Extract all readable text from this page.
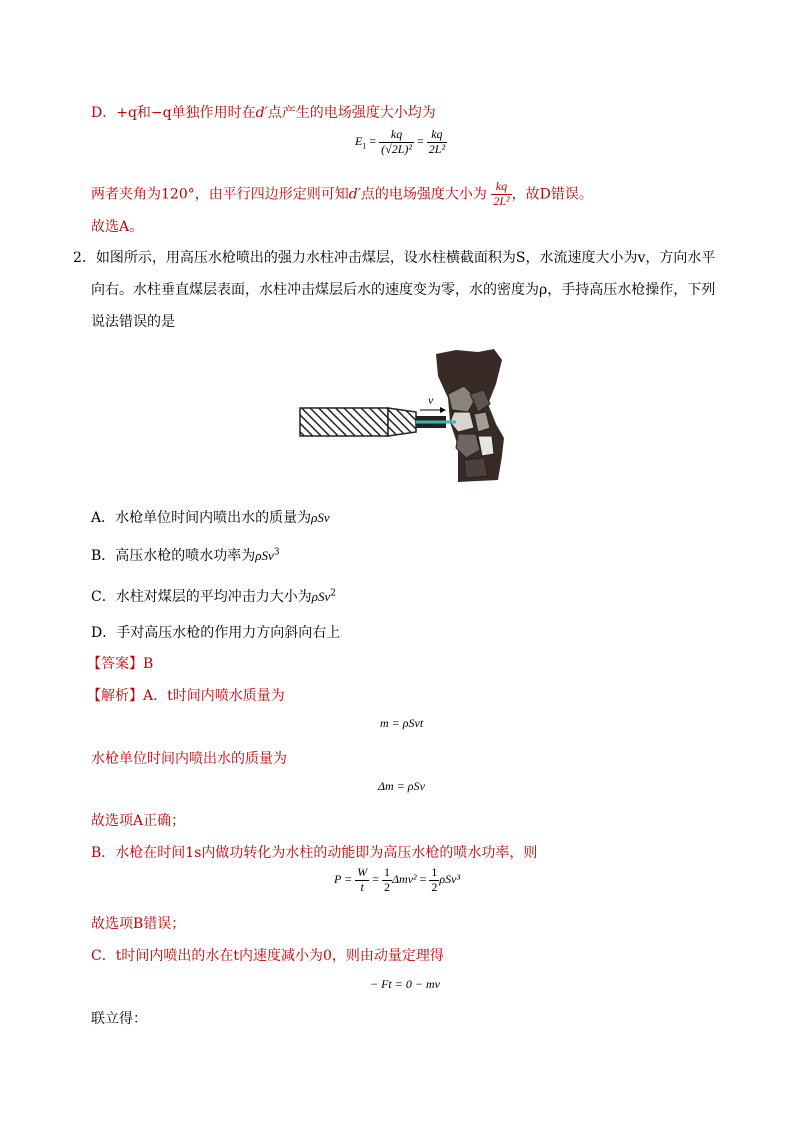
D．+q和−q单独作用时在d′点产生的电场强度大小均为
$E_1 = \frac{kq}{\text{(√2L)²}} = \frac{kq}{\text{2L²}}$
两者夹角为120°，由平行四边形定则可知d′点的电场强度大小为 $\frac{kq}{\text{2L²}}$ ，故D错误。
故选A。
2．如图所示，用高压水枪喷出的强力水柱冲击煤层，设水柱横截面积为S，水流速度大小为v，方向水平
向右。水柱垂直煤层表面，水柱冲击煤层后水的速度变为零，水的密度为ρ，手持高压水枪操作，下列
说法错误的是
v
A．水枪单位时间内喷出水的质量为ρSv
B．高压水枪的喷水功率为ρSv$^3$
C．水柱对煤层的平均冲击力大小为ρSv$^2$
D．手对高压水枪的作用力方向斜向右上
【答案】B
【解析】A．t时间内喷水质量为
m = ρSvt
水枪单位时间内喷出水的质量为
Δm = ρSv
故选项A正确；
B．水枪在时间1s内做功转化为水柱的动能即为高压水枪的喷水功率，则
$P = \frac{W}{t} = \frac{1}{2} \Delta mv^2 = \frac{1}{2} \rho Sv^3$
故选项B错误；
C．t时间内喷出的水在t内速度减小为0，则由动量定理得
− Ft = 0 − mv
联立得：
